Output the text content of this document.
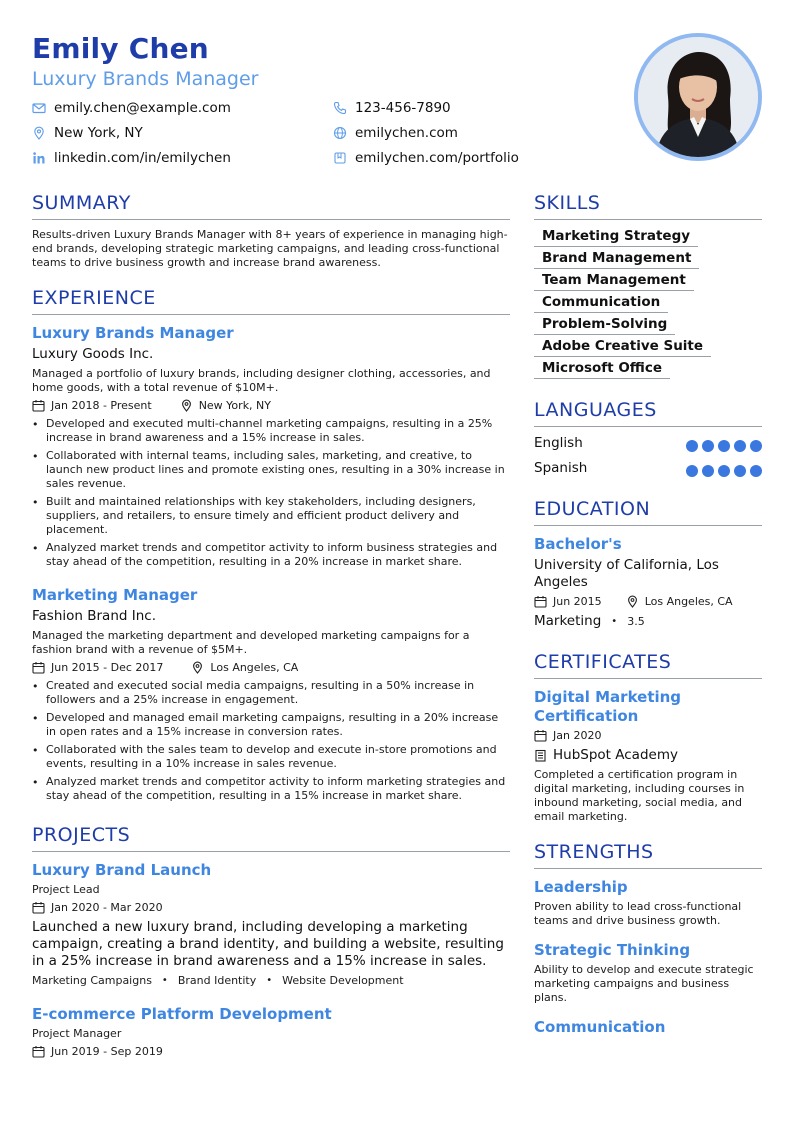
Emily Chen
Luxury Brands Manager
emily.chen@example.com	123-456-7890
New York, NY	emilychen.com
linkedin.com/in/emilychen	emilychen.com/portfolio
SUMMARY
Results-driven Luxury Brands Manager with 8+ years of experience in managing high-end brands, developing strategic marketing campaigns, and leading cross-functional teams to drive business growth and increase brand awareness.
EXPERIENCE
Luxury Brands Manager
Luxury Goods Inc.
Managed a portfolio of luxury brands, including designer clothing, accessories, and home goods, with a total revenue of $10M+.
Jan 2018 - Present	New York, NY
• Developed and executed multi-channel marketing campaigns, resulting in a 25% increase in brand awareness and a 15% increase in sales.
• Collaborated with internal teams, including sales, marketing, and creative, to launch new product lines and promote existing ones, resulting in a 30% increase in sales revenue.
• Built and maintained relationships with key stakeholders, including designers, suppliers, and retailers, to ensure timely and efficient product delivery and placement.
• Analyzed market trends and competitor activity to inform business strategies and stay ahead of the competition, resulting in a 20% increase in market share.
Marketing Manager
Fashion Brand Inc.
Managed the marketing department and developed marketing campaigns for a fashion brand with a revenue of $5M+.
Jun 2015 - Dec 2017	Los Angeles, CA
• Created and executed social media campaigns, resulting in a 50% increase in followers and a 25% increase in engagement.
• Developed and managed email marketing campaigns, resulting in a 20% increase in open rates and a 15% increase in conversion rates.
• Collaborated with the sales team to develop and execute in-store promotions and events, resulting in a 10% increase in sales revenue.
• Analyzed market trends and competitor activity to inform marketing strategies and stay ahead of the competition, resulting in a 15% increase in market share.
PROJECTS
Luxury Brand Launch
Project Lead
Jan 2020 - Mar 2020
Launched a new luxury brand, including developing a marketing campaign, creating a brand identity, and building a website, resulting in a 25% increase in brand awareness and a 15% increase in sales.
Marketing Campaigns • Brand Identity • Website Development
E-commerce Platform Development
Project Manager
Jun 2019 - Sep 2019
SKILLS
Marketing Strategy
Brand Management
Team Management
Communication
Problem-Solving
Adobe Creative Suite
Microsoft Office
LANGUAGES
English
Spanish
EDUCATION
Bachelor's
University of California, Los Angeles
Jun 2015	Los Angeles, CA
Marketing • 3.5
CERTIFICATES
Digital Marketing Certification
Jan 2020
HubSpot Academy
Completed a certification program in digital marketing, including courses in inbound marketing, social media, and email marketing.
STRENGTHS
Leadership
Proven ability to lead cross-functional teams and drive business growth.
Strategic Thinking
Ability to develop and execute strategic marketing campaigns and business plans.
Communication
